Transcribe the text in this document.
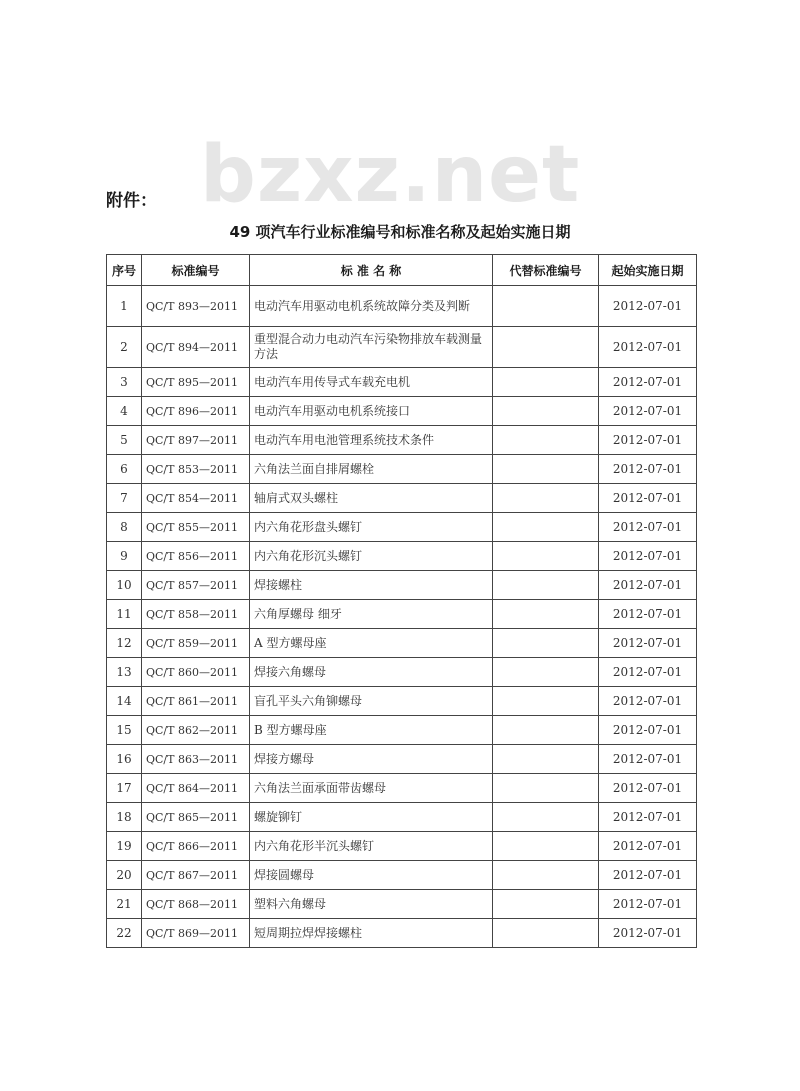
bzxz.net
附件：
49 项汽车行业标准编号和标准名称及起始实施日期
序号	标准编号	标 准 名 称	代替标准编号	起始实施日期
1	QC/T 893—2011	电动汽车用驱动电机系统故障分类及判断		2012-07-01
2	QC/T 894—2011	重型混合动力电动汽车污染物排放车载测量方法		2012-07-01
3	QC/T 895—2011	电动汽车用传导式车载充电机		2012-07-01
4	QC/T 896—2011	电动汽车用驱动电机系统接口		2012-07-01
5	QC/T 897—2011	电动汽车用电池管理系统技术条件		2012-07-01
6	QC/T 853—2011	六角法兰面自排屑螺栓		2012-07-01
7	QC/T 854—2011	轴肩式双头螺柱		2012-07-01
8	QC/T 855—2011	内六角花形盘头螺钉		2012-07-01
9	QC/T 856—2011	内六角花形沉头螺钉		2012-07-01
10	QC/T 857—2011	焊接螺柱		2012-07-01
11	QC/T 858—2011	六角厚螺母 细牙		2012-07-01
12	QC/T 859—2011	A 型方螺母座		2012-07-01
13	QC/T 860—2011	焊接六角螺母		2012-07-01
14	QC/T 861—2011	盲孔平头六角铆螺母		2012-07-01
15	QC/T 862—2011	B 型方螺母座		2012-07-01
16	QC/T 863—2011	焊接方螺母		2012-07-01
17	QC/T 864—2011	六角法兰面承面带齿螺母		2012-07-01
18	QC/T 865—2011	螺旋铆钉		2012-07-01
19	QC/T 866—2011	内六角花形半沉头螺钉		2012-07-01
20	QC/T 867—2011	焊接圆螺母		2012-07-01
21	QC/T 868—2011	塑料六角螺母		2012-07-01
22	QC/T 869—2011	短周期拉焊焊接螺柱		2012-07-01
